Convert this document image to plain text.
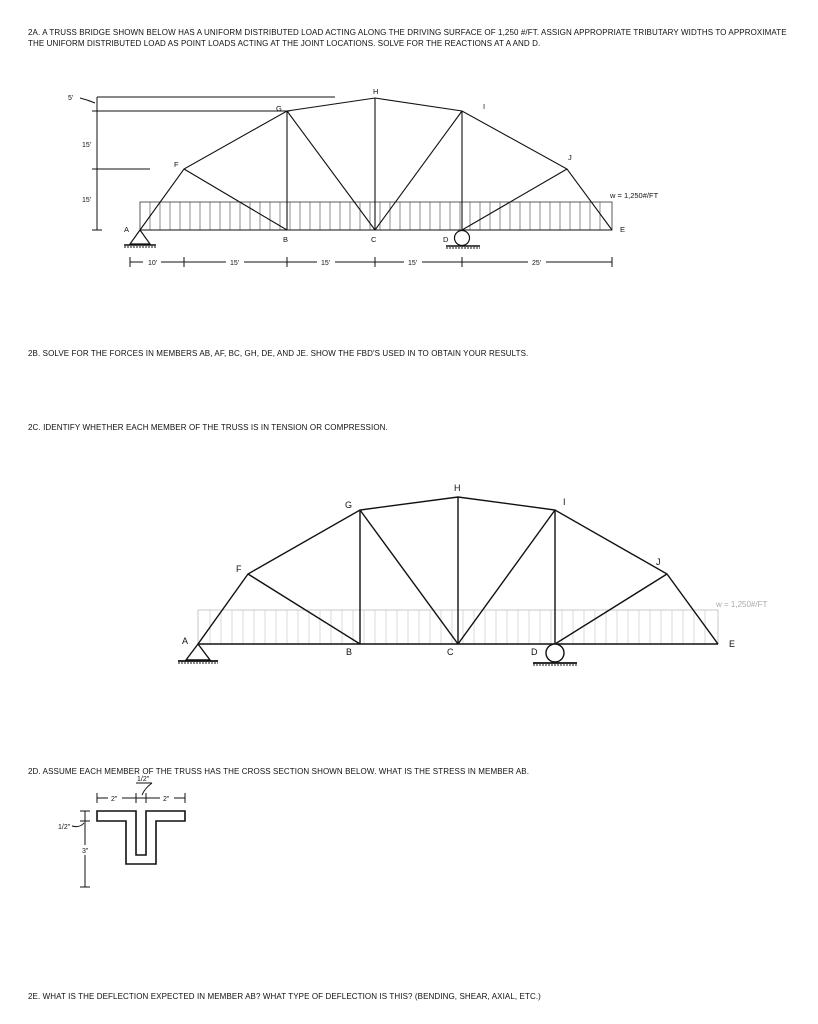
2A. A TRUSS BRIDGE SHOWN BELOW HAS A UNIFORM DISTRIBUTED LOAD ACTING ALONG THE DRIVING SURFACE OF 1,250 #/FT. ASSIGN APPROPRIATE TRIBUTARY WIDTHS TO APPROXIMATE THE UNIFORM DISTRIBUTED LOAD AS POINT LOADS ACTING AT THE JOINT LOCATIONS. SOLVE FOR THE REACTIONS AT A AND D.
2B. SOLVE FOR THE FORCES IN MEMBERS AB, AF, BC, GH, DE, AND JE. SHOW THE FBD'S USED IN TO OBTAIN YOUR RESULTS.
2C. IDENTIFY WHETHER EACH MEMBER OF THE TRUSS IS IN TENSION OR COMPRESSION.
2D. ASSUME EACH MEMBER OF THE TRUSS HAS THE CROSS SECTION SHOWN BELOW. WHAT IS THE STRESS IN MEMBER AB.
2E. WHAT IS THE DEFLECTION EXPECTED IN MEMBER AB? WHAT TYPE OF DEFLECTION IS THIS? (BENDING, SHEAR, AXIAL, ETC.)
10'	15'	15'	15'	25'
5'
15'
15'
A
B	C	D
E
F
G
H
I
J
w = 1,250#/FT
A
B	C	D
E
F
G
H
I
J
w = 1,250#/FT
1/2"
2"	2"
1/2"
3"
